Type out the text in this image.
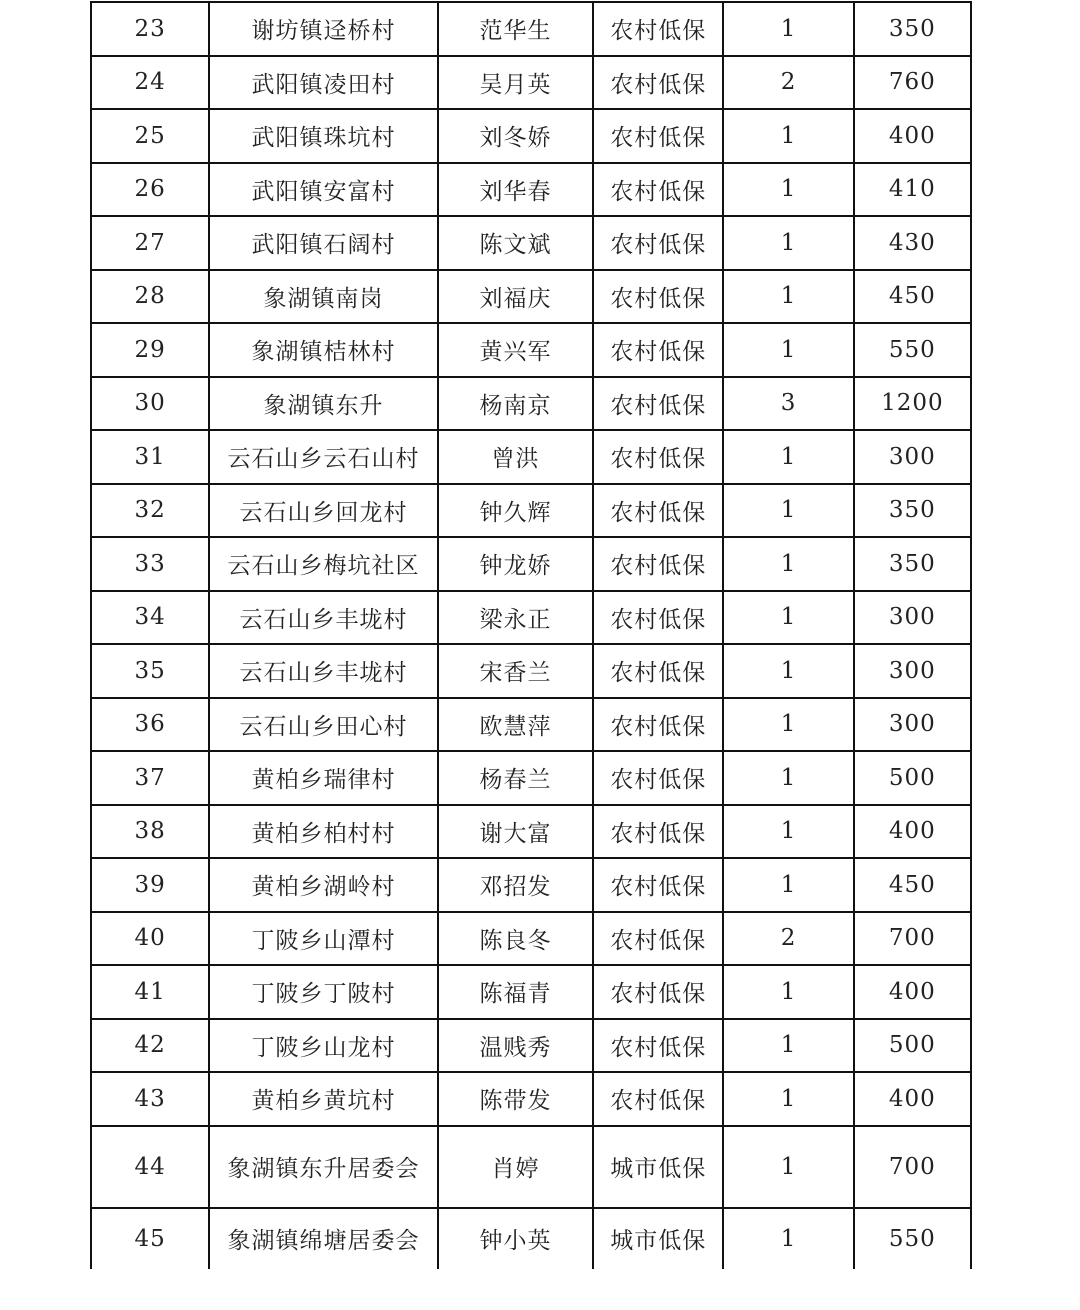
23	谢坊镇迳桥村	范华生	农村低保	1	350
24	武阳镇凌田村	吴月英	农村低保	2	760
25	武阳镇珠坑村	刘冬娇	农村低保	1	400
26	武阳镇安富村	刘华春	农村低保	1	410
27	武阳镇石阔村	陈文斌	农村低保	1	430
28	象湖镇南岗	刘福庆	农村低保	1	450
29	象湖镇桔林村	黄兴军	农村低保	1	550
30	象湖镇东升	杨南京	农村低保	3	1200
31	云石山乡云石山村	曾洪	农村低保	1	300
32	云石山乡回龙村	钟久辉	农村低保	1	350
33	云石山乡梅坑社区	钟龙娇	农村低保	1	350
34	云石山乡丰垅村	梁永正	农村低保	1	300
35	云石山乡丰垅村	宋香兰	农村低保	1	300
36	云石山乡田心村	欧慧萍	农村低保	1	300
37	黄柏乡瑞律村	杨春兰	农村低保	1	500
38	黄柏乡柏村村	谢大富	农村低保	1	400
39	黄柏乡湖岭村	邓招发	农村低保	1	450
40	丁陂乡山潭村	陈良冬	农村低保	2	700
41	丁陂乡丁陂村	陈福青	农村低保	1	400
42	丁陂乡山龙村	温贱秀	农村低保	1	500
43	黄柏乡黄坑村	陈带发	农村低保	1	400
44	象湖镇东升居委会	肖婷	城市低保	1	700
45	象湖镇绵塘居委会	钟小英	城市低保	1	550
